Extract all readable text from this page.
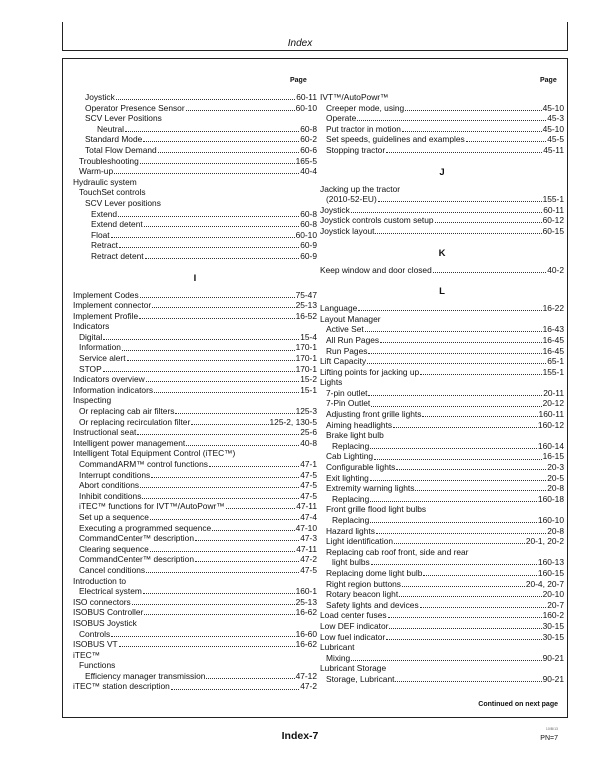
Index
Page	Page
Joystick	60-11
Operator Presence Sensor	60-10
SCV Lever Positions
Neutral	60-8
Standard Mode	60-2
Total Flow Demand	60-6
Troubleshooting	165-5
Warm-up	40-4
Hydraulic system
TouchSet controls
SCV Lever positions
Extend	60-8
Extend detent	60-8
Float	60-10
Retract	60-9
Retract detent	60-9
I
Implement Codes	75-47
Implement connector	25-13
Implement Profile	16-52
Indicators
Digital	15-4
Information	170-1
Service alert	170-1
STOP	170-1
Indicators overview	15-2
Information indicators	15-1
Inspecting
Or replacing cab air filters	125-3
Or replacing recirculation filter	125-2, 130-5
Instructional seat	25-6
Intelligent power management	40-8
Intelligent Total Equipment Control (iTEC™)
CommandARM™ control functions	47-1
Interrupt conditions	47-5
Abort conditions	47-5
Inhibit conditions	47-5
iTEC™ functions for IVT™/AutoPowr™	47-11
Set up a sequence	47-4
Executing a programmed sequence	47-10
CommandCenter™ description	47-3
Clearing sequence	47-11
CommandCenter™ description	47-2
Cancel conditions	47-5
Introduction to
Electrical system	160-1
ISO connectors	25-13
ISOBUS Controller	16-62
ISOBUS Joystick
Controls	16-60
ISOBUS VT	16-62
iTEC™
Functions
Efficiency manager transmission	47-12
iTEC™ station description	47-2
IVT™/AutoPowr™
Creeper mode, using	45-10
Operate	45-3
Put tractor in motion	45-10
Set speeds, guidelines and examples	45-5
Stopping tractor	45-11
J
Jacking up the tractor
(2010-52-EU)	155-1
Joystick	60-11
Joystick controls custom setup	60-12
Joystick layout	60-15
K
Keep window and door closed	40-2
L
Language	16-22
Layout Manager
Active Set	16-43
All Run Pages	16-45
Run Pages	16-45
Lift Capacity	65-1
Lifting points for jacking up	155-1
Lights
7-pin outlet	20-11
7-Pin Outlet	20-12
Adjusting front grille lights	160-11
Aiming headlights	160-12
Brake light bulb
Replacing	160-14
Cab Lighting	16-15
Configurable lights	20-3
Exit lighting	20-5
Extremity warning lights	20-8
Replacing	160-18
Front grille flood light bulbs
Replacing	160-10
Hazard lights	20-8
Light identification	20-1, 20-2
Replacing cab roof front, side and rear
light bulbs	160-13
Replacing dome light bulb	160-15
Right region buttons	20-4, 20-7
Rotary beacon light	20-10
Safety lights and devices	20-7
Load center fuses	160-2
Low DEF indicator	30-15
Low fuel indicator	30-15
Lubricant
Mixing	90-21
Lubricant Storage
Storage, Lubricant	90-21
Continued on next page
Index-7
10/B/13
PN=7
